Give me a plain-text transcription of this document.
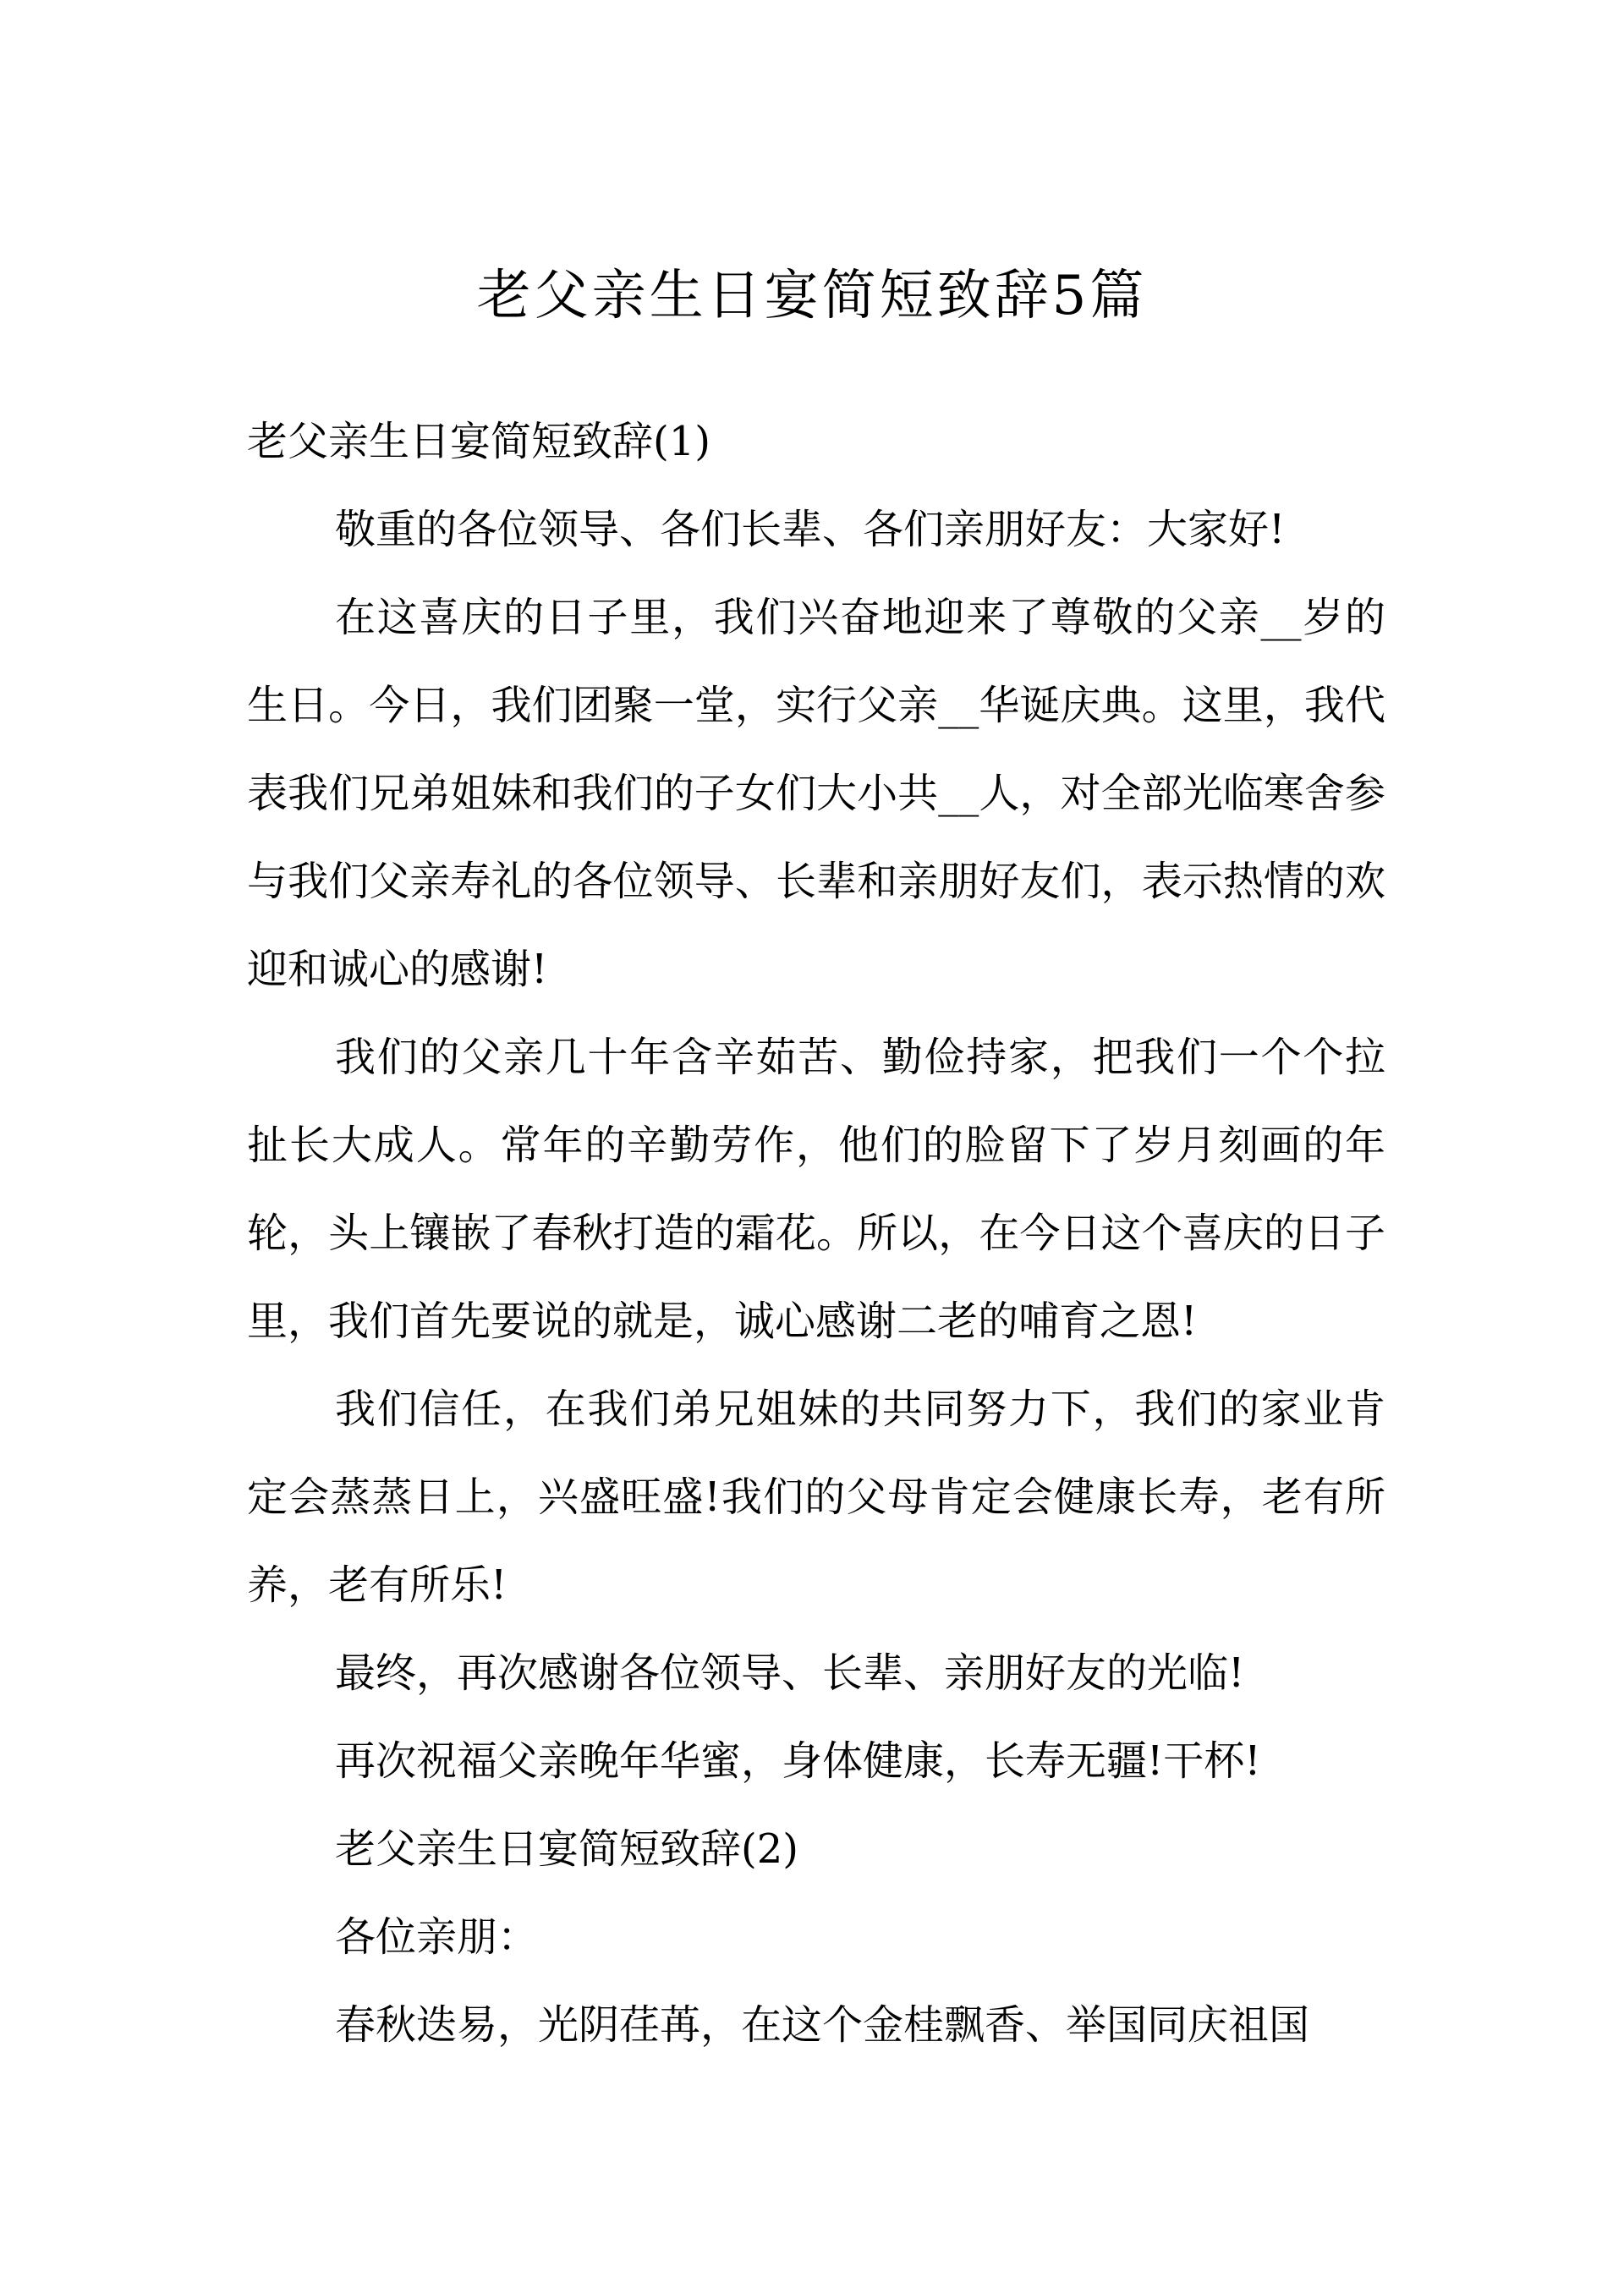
老父亲生日宴简短致辞5篇

老父亲生日宴简短致辞(1)

敬重的各位领导、各们长辈、各们亲朋好友：大家好!

在这喜庆的日子里，我们兴奋地迎来了尊敬的父亲__岁的生日。今日，我们团聚一堂，实行父亲__华诞庆典。这里，我代表我们兄弟姐妹和我们的子女们大小共__人，对全部光临寒舍参与我们父亲寿礼的各位领导、长辈和亲朋好友们，表示热情的欢迎和诚心的感谢!

我们的父亲几十年含辛茹苦、勤俭持家，把我们一个个拉扯长大成人。常年的辛勤劳作，他们的脸留下了岁月刻画的年轮，头上镶嵌了春秋打造的霜花。所以，在今日这个喜庆的日子里，我们首先要说的就是，诚心感谢二老的哺育之恩!

我们信任，在我们弟兄姐妹的共同努力下，我们的家业肯定会蒸蒸日上，兴盛旺盛!我们的父母肯定会健康长寿，老有所养，老有所乐!

最终，再次感谢各位领导、长辈、亲朋好友的光临!

再次祝福父亲晚年华蜜，身体健康，长寿无疆!干杯!

老父亲生日宴简短致辞(2)

各位亲朋：

春秋迭易，光阴荏苒，在这个金桂飘香、举国同庆祖国
